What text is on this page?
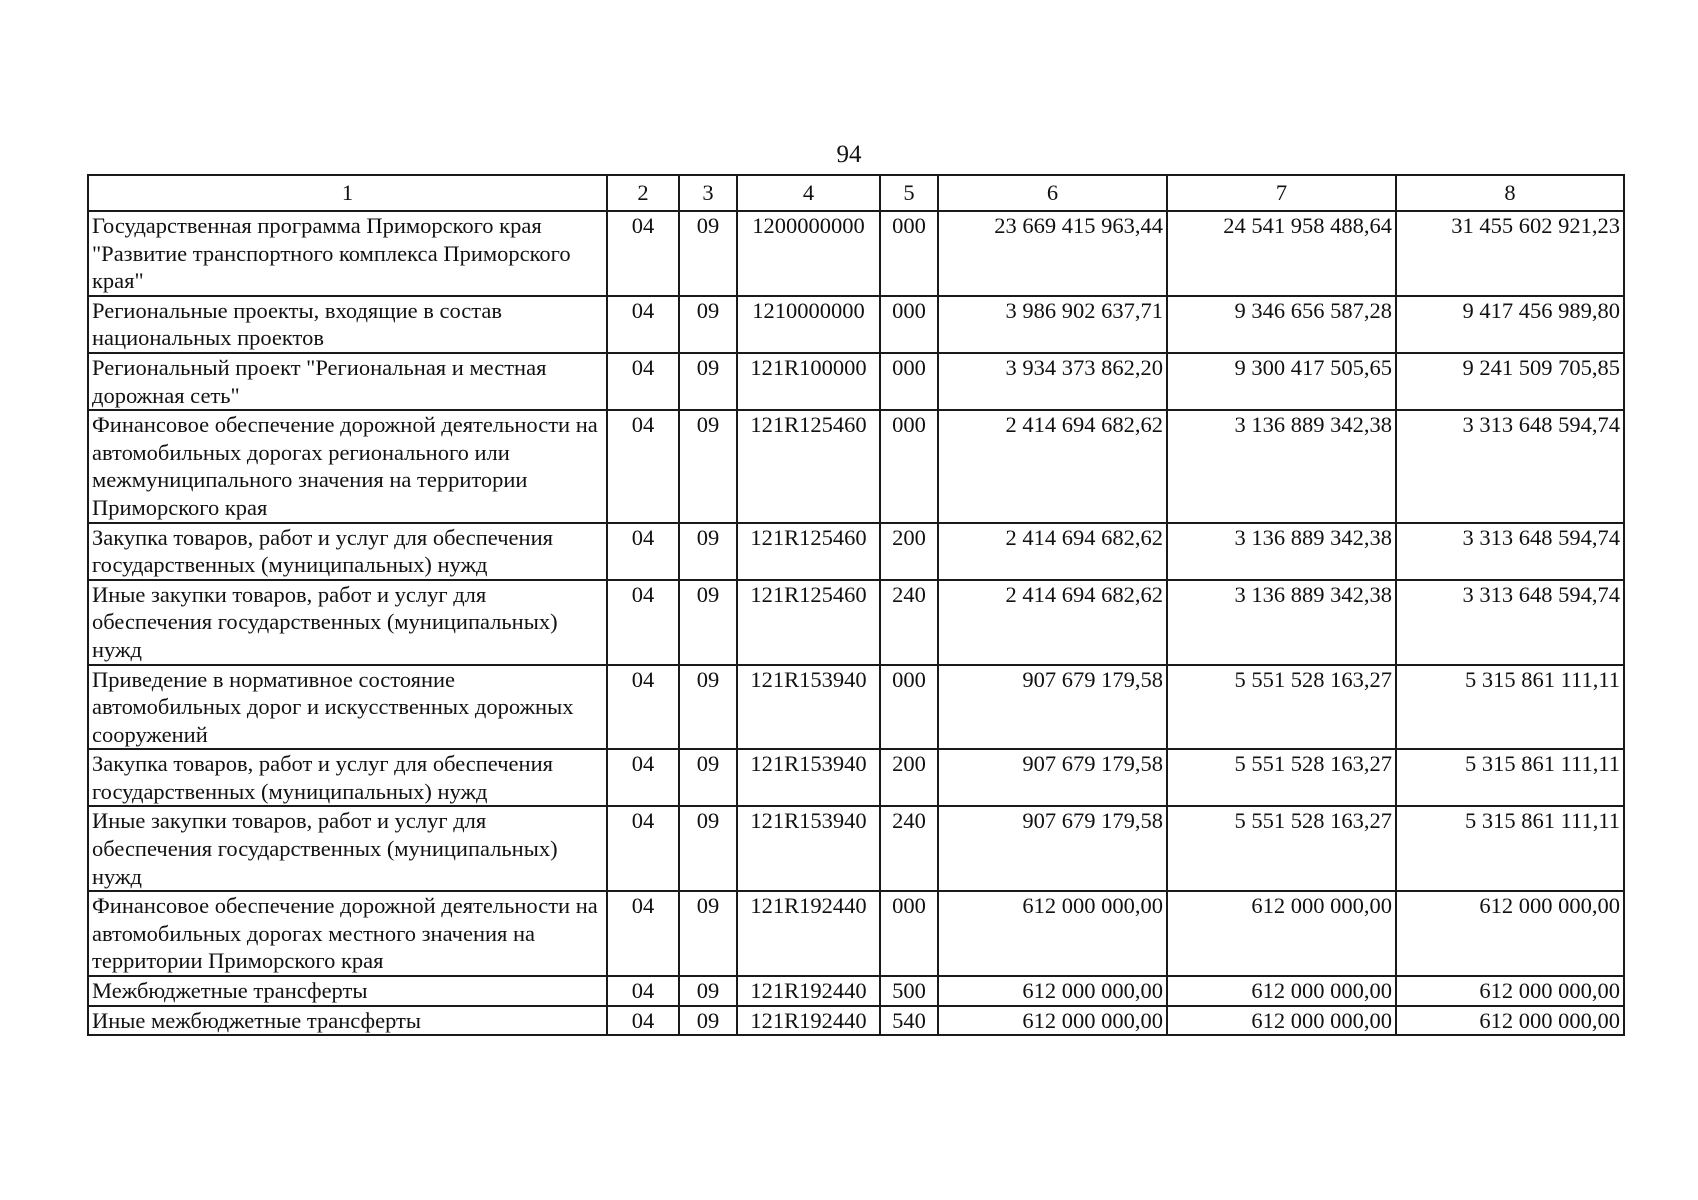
94
1	2	3	4	5	6	7	8
Государственная программа Приморского края "Развитие транспортного комплекса Приморского края"	04	09	1200000000	000	23 669 415 963,44	24 541 958 488,64	31 455 602 921,23
Региональные проекты, входящие в состав национальных проектов	04	09	1210000000	000	3 986 902 637,71	9 346 656 587,28	9 417 456 989,80
Региональный проект "Региональная и местная дорожная сеть"	04	09	121R100000	000	3 934 373 862,20	9 300 417 505,65	9 241 509 705,85
Финансовое обеспечение дорожной деятельности на автомобильных дорогах регионального или межмуниципального значения на территории Приморского края	04	09	121R125460	000	2 414 694 682,62	3 136 889 342,38	3 313 648 594,74
Закупка товаров, работ и услуг для обеспечения государственных (муниципальных) нужд	04	09	121R125460	200	2 414 694 682,62	3 136 889 342,38	3 313 648 594,74
Иные закупки товаров, работ и услуг для обеспечения государственных (муниципальных) нужд	04	09	121R125460	240	2 414 694 682,62	3 136 889 342,38	3 313 648 594,74
Приведение в нормативное состояние автомобильных дорог и искусственных дорожных сооружений	04	09	121R153940	000	907 679 179,58	5 551 528 163,27	5 315 861 111,11
Закупка товаров, работ и услуг для обеспечения государственных (муниципальных) нужд	04	09	121R153940	200	907 679 179,58	5 551 528 163,27	5 315 861 111,11
Иные закупки товаров, работ и услуг для обеспечения государственных (муниципальных) нужд	04	09	121R153940	240	907 679 179,58	5 551 528 163,27	5 315 861 111,11
Финансовое обеспечение дорожной деятельности на автомобильных дорогах местного значения на территории Приморского края	04	09	121R192440	000	612 000 000,00	612 000 000,00	612 000 000,00
Межбюджетные трансферты	04	09	121R192440	500	612 000 000,00	612 000 000,00	612 000 000,00
Иные межбюджетные трансферты	04	09	121R192440	540	612 000 000,00	612 000 000,00	612 000 000,00
